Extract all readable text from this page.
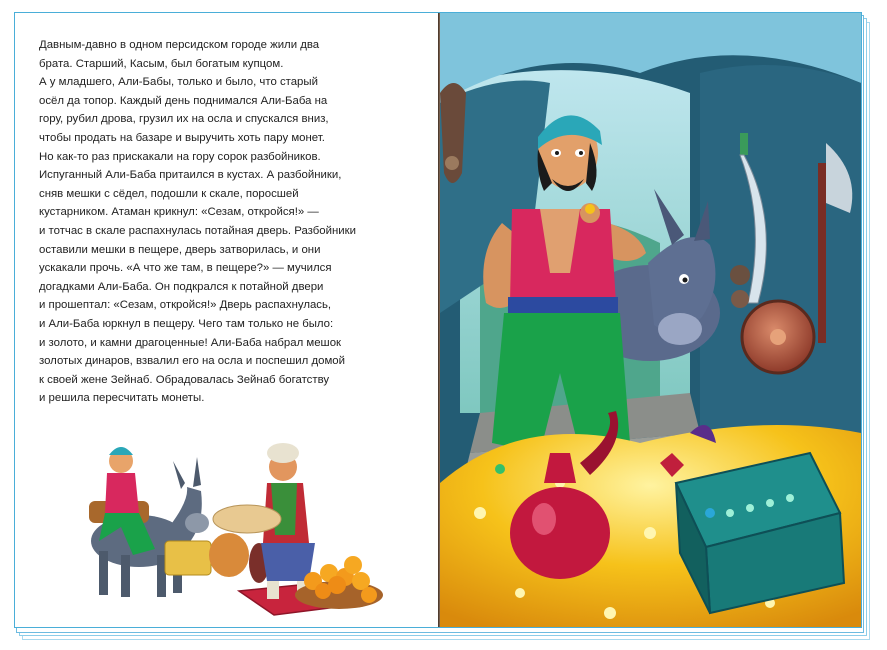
Давным-давно в одном персидском городе жили два
брата. Старший, Касым, был богатым купцом.
А у младшего, Али-Бабы, только и было, что старый
осёл да топор. Каждый день поднимался Али-Баба на
гору, рубил дрова, грузил их на осла и спускался вниз,
чтобы продать на базаре и выручить хоть пару монет.
Но как-то раз прискакали на гору сорок разбойников.
Испуганный Али-Баба притаился в кустах. А разбойники,
сняв мешки с сёдел, подошли к скале, поросшей
кустарником. Атаман крикнул: «Сезам, откройся!» —
и тотчас в скале распахнулась потайная дверь. Разбойники
оставили мешки в пещере, дверь затворилась, и они
ускакали прочь. «А что же там, в пещере?» — мучился
догадками Али-Баба. Он подкрался к потайной двери
и прошептал: «Сезам, откройся!» Дверь распахнулась,
и Али-Баба юркнул в пещеру. Чего там только не было:
и золото, и камни драгоценные! Али-Баба набрал мешок
золотых динаров, взвалил его на осла и поспешил домой
к своей жене Зейнаб. Обрадовалась Зейнаб богатству
и решила пересчитать монеты.
